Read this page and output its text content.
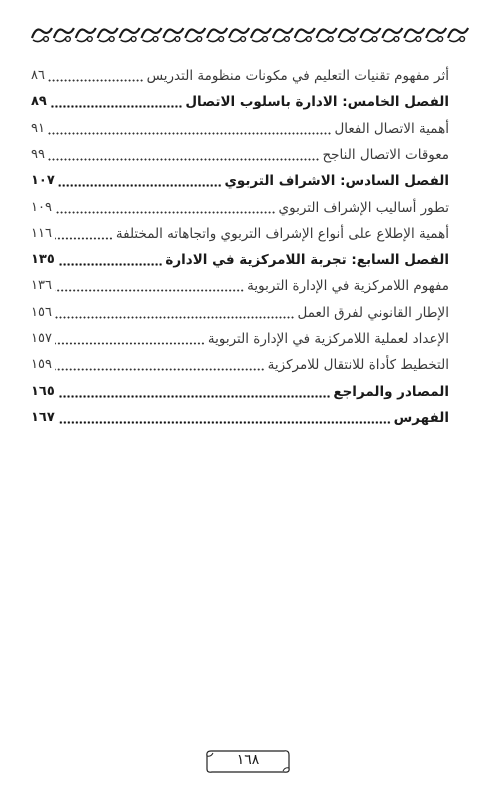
أثر مفهوم تقنيات التعليم في مكونات منظومة التدريس
٨٦
الفصل الخامس: الادارة باسلوب الاتصال
٨٩
أهمية الاتصال الفعال
٩١
معوقات الاتصال الناجح
٩٩
الفصل السادس: الاشراف التربوي
١٠٧
تطور أساليب الإشراف التربوي
١٠٩
أهمية الإطلاع على أنواع الإشراف التربوي واتجاهاته المختلفة
١١٦
الفصل السابع: تجربة اللامركزية في الادارة
١٣٥
مفهوم اللامركزية في الإدارة التربوية
١٣٦
الإطار القانوني لفرق العمل
١٥٦
الإعداد لعملية اللامركزية في الإدارة التربوية
١٥٧
التخطيط كأداة للانتقال للامركزية
١٥٩
المصادر والمراجع
١٦٥
الفهرس
١٦٧
١٦٨
